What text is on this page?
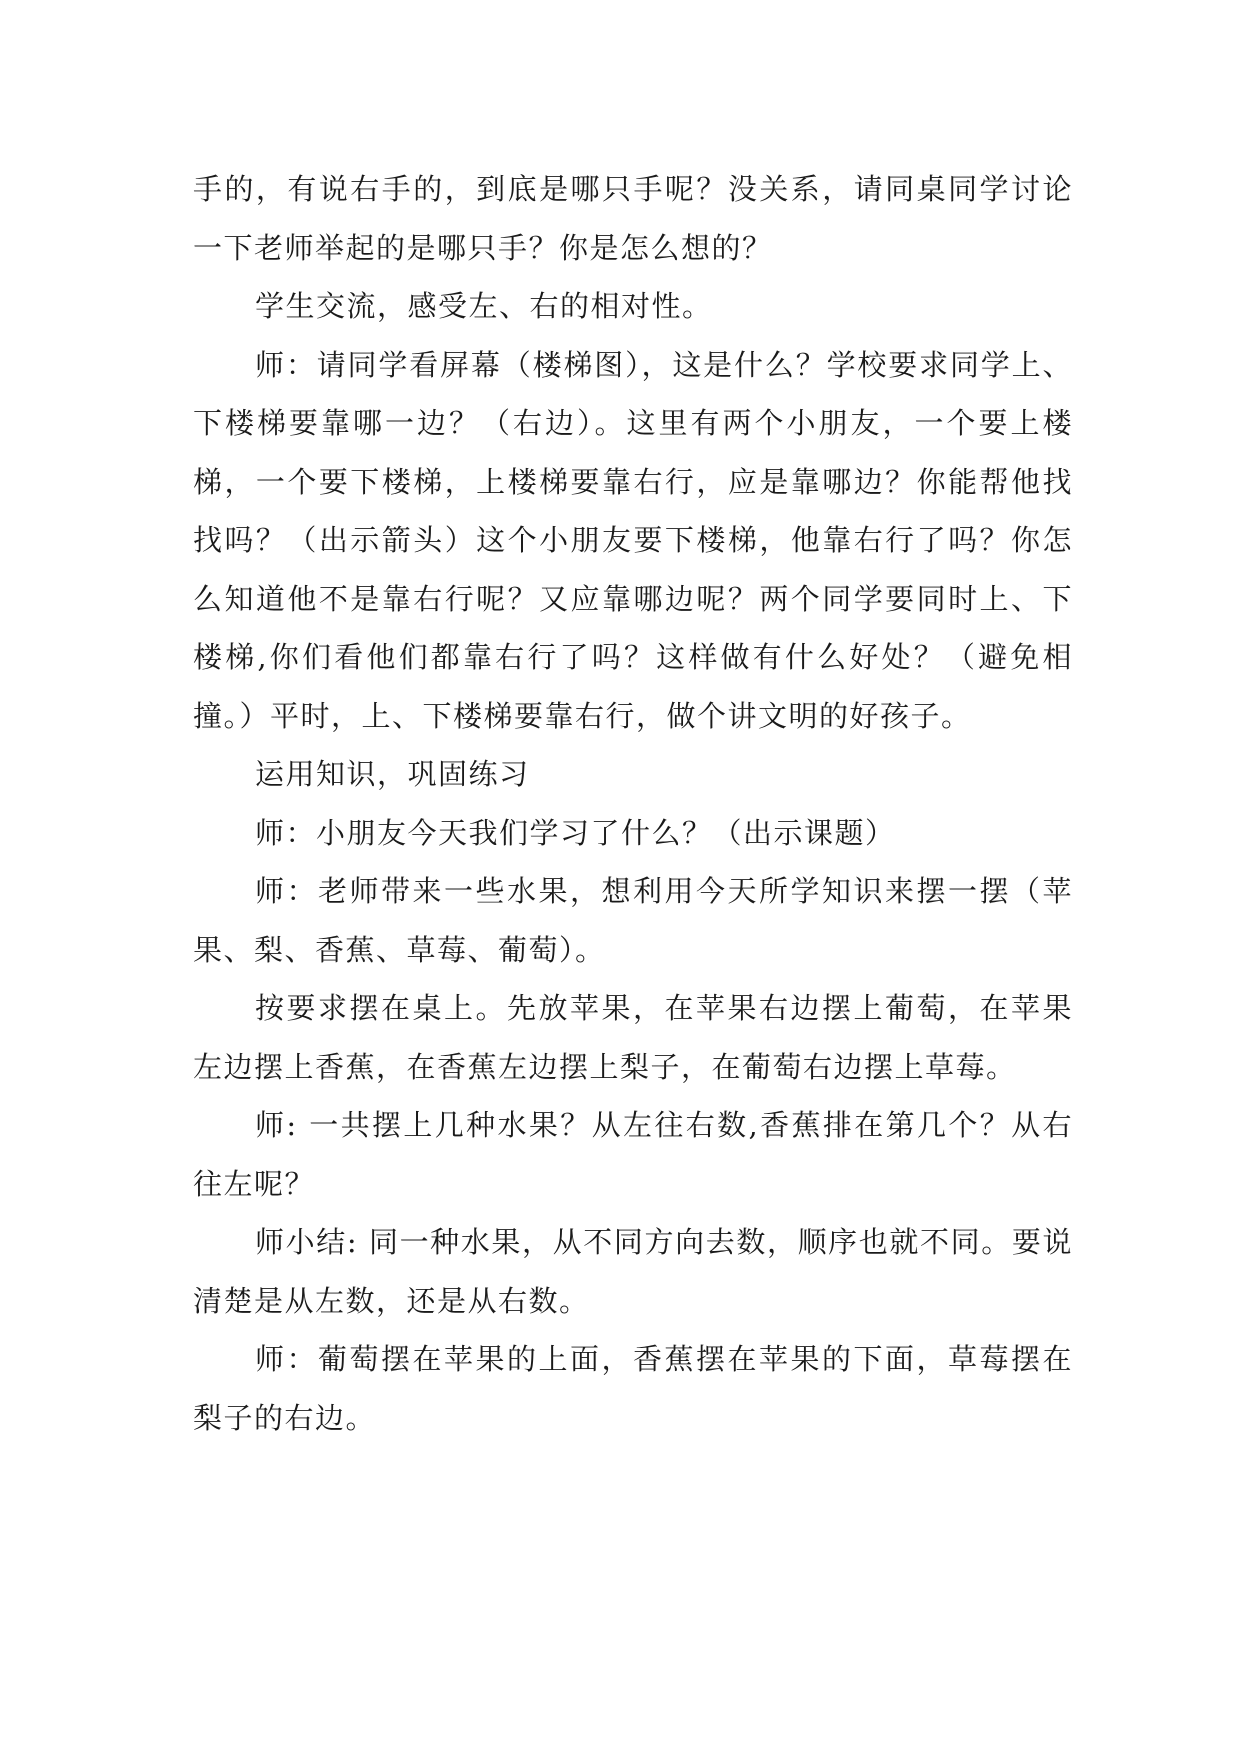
手的，有说右手的，到底是哪只手呢？没关系，请同桌同学讨论一下老师举起的是哪只手？你是怎么想的？

学生交流，感受左、右的相对性。

师：请同学看屏幕（楼梯图），这是什么？学校要求同学上、下楼梯要靠哪一边？（右边）。这里有两个小朋友，一个要上楼梯，一个要下楼梯，上楼梯要靠右行，应是靠哪边？你能帮他找找吗？（出示箭头）这个小朋友要下楼梯，他靠右行了吗？你怎么知道他不是靠右行呢？又应靠哪边呢？两个同学要同时上、下楼梯,你们看他们都靠右行了吗？这样做有什么好处？（避免相撞。）平时，上、下楼梯要靠右行，做个讲文明的好孩子。

运用知识，巩固练习

师：小朋友今天我们学习了什么？（出示课题）

师：老师带来一些水果，想利用今天所学知识来摆一摆（苹果、梨、香蕉、草莓、葡萄）。

按要求摆在桌上。先放苹果，在苹果右边摆上葡萄，在苹果左边摆上香蕉，在香蕉左边摆上梨子，在葡萄右边摆上草莓。

师: 一共摆上几种水果？从左往右数,香蕉排在第几个？从右往左呢？

师小结: 同一种水果，从不同方向去数，顺序也就不同。要说清楚是从左数，还是从右数。

师：葡萄摆在苹果的上面，香蕉摆在苹果的下面，草莓摆在梨子的右边。
